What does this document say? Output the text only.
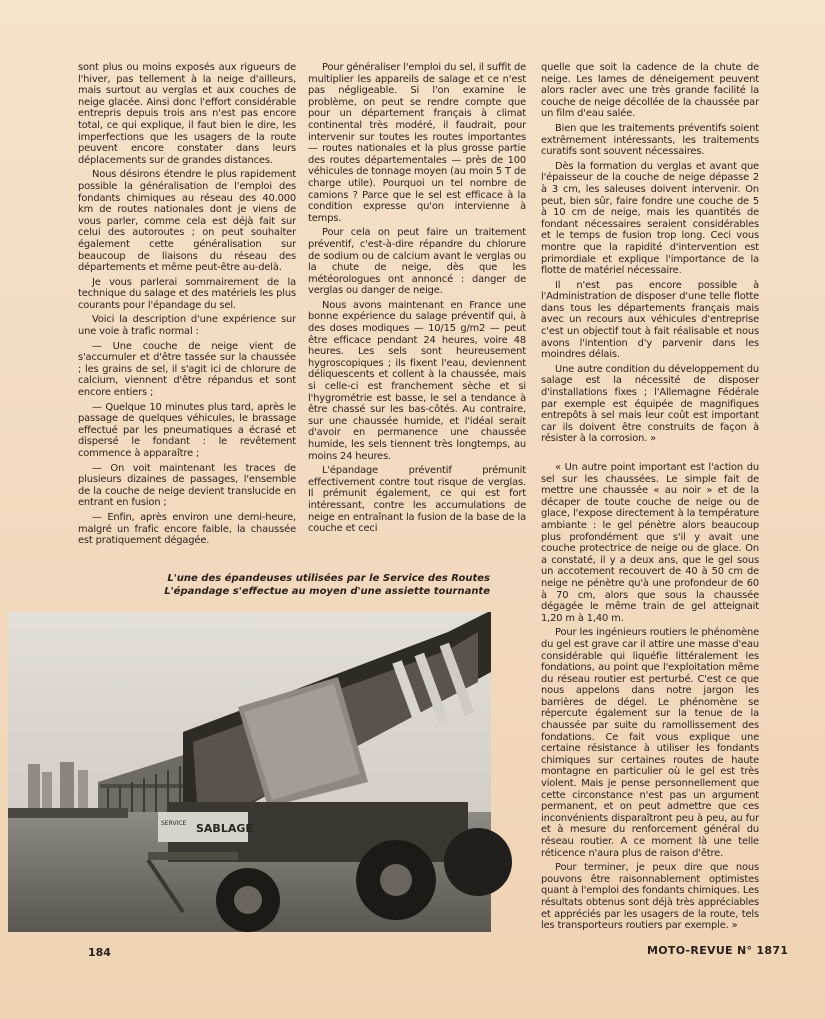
sont plus ou moins exposés aux rigueurs de l'hiver, pas tellement à la neige d'ailleurs, mais surtout au verglas et aux couches de neige glacée. Ainsi donc l'effort considérable entrepris depuis trois ans n'est pas encore total, ce qui explique, il faut bien le dire, les imperfections que les usagers de la route peuvent encore constater dans leurs déplacements sur de grandes distances.

Nous désirons étendre le plus rapidement possible la généralisation de l'emploi des fondants chimiques au réseau des 40.000 km de routes nationales dont je viens de vous parler, comme cela est déjà fait sur celui des autoroutes ; on peut souhaiter également cette généralisation sur beaucoup de liaisons du réseau des départements et même peut-être au-delà.

Je vous parlerai sommairement de la technique du salage et des matériels les plus courants pour l'épandage du sel.

Voici la description d'une expérience sur une voie à trafic normal :

— Une couche de neige vient de s'accumuler et d'être tassée sur la chaussée ; les grains de sel, il s'agit ici de chlorure de calcium, viennent d'être répandus et sont encore entiers ;

— Quelque 10 minutes plus tard, après le passage de quelques véhicules, le brassage effectué par les pneumatiques a écrasé et dispersé le fondant : le revêtement commence à apparaître ;

— On voit maintenant les traces de plusieurs dizaines de passages, l'ensemble de la couche de neige devient translucide en entrant en fusion ;

— Enfin, après environ une demi-heure, malgré un frafic encore faible, la chaussée est pratiquement dégagée.

Pour généraliser l'emploi du sel, il suffit de multiplier les appareils de salage et ce n'est pas négligeable. Si l'on examine le problème, on peut se rendre compte que pour un département français à climat continental très modéré, il faudrait, pour intervenir sur toutes les routes importantes — routes nationales et la plus grosse partie des routes départementales — près de 100 véhicules de tonnage moyen (au moin 5 T de charge utile). Pourquoi un tel nombre de camions ? Parce que le sel est efficace à la condition expresse qu'on intervienne à temps.

Pour cela on peut faire un traitement préventif, c'est-à-dire répandre du chlorure de sodium ou de calcium avant le verglas ou la chute de neige, dès que les météorologues ont annoncé : danger de verglas ou danger de neige.

Nous avons maintenant en France une bonne expérience du salage préventif qui, à des doses modiques — 10/15 g/m2 — peut être efficace pendant 24 heures, voire 48 heures. Les sels sont heureusement hygroscopiques ; ils fixent l'eau, deviennent déliquescents et collent à la chaussée, mais si celle-ci est franchement sèche et si l'hygrométrie est basse, le sel a tendance à être chassé sur les bas-côtés. Au contraire, sur une chaussée humide, et l'idéal serait d'avoir en permanence une chaussée humide, les sels tiennent très longtemps, au moins 24 heures.

L'épandage préventif prémunit effectivement contre tout risque de verglas. Il prémunit également, ce qui est fort intéressant, contre les accumulations de neige en entraînant la fusion de la base de la couche et ceci

quelle que soit la cadence de la chute de neige. Les lames de déneigement peuvent alors racler avec une très grande facilité la couche de neige décollée de la chaussée par un film d'eau salée.

Bien que les traitements préventifs soient extrêmement intéressants, les traitements curatifs sont souvent nécessaires.

Dès la formation du verglas et avant que l'épaisseur de la couche de neige dépasse 2 à 3 cm, les saleuses doivent intervenir. On peut, bien sûr, faire fondre une couche de 5 à 10 cm de neige, mais les quantités de fondant nécessaires seraient considérables et le temps de fusion trop long. Ceci vous montre que la rapidité d'intervention est primordiale et explique l'importance de la flotte de matériel nécessaire.

Il n'est pas encore possible à l'Administration de disposer d'une telle flotte dans tous les départements français mais avec un recours aux véhicules d'entreprise c'est un objectif tout à fait réalisable et nous avons l'intention d'y parvenir dans les moindres délais.

Une autre condition du développement du salage est la nécessité de disposer d'installations fixes ; l'Allemagne Fédérale par exemple est équipée de magnifiques entrepôts à sel mais leur coût est important car ils doivent être construits de façon à résister à la corrosion. »

« Un autre point important est l'action du sel sur les chaussées. Le simple fait de mettre une chaussée « au noir » et de la décaper de toute couche de neige ou de glace, l'expose directement à la température ambiante : le gel pénètre alors beaucoup plus profondément que s'il y avait une couche protectrice de neige ou de glace. On a constaté, il y a deux ans, que le gel sous un accotement recouvert de 40 à 50 cm de neige ne pénètre qu'à une profondeur de 60 à 70 cm, alors que sous la chaussée dégagée le même train de gel atteignait 1,20 m à 1,40 m.

Pour les ingénieurs routiers le phénomène du gel est grave car il attire une masse d'eau considérable qui liquéfie littéralement les fondations, au point que l'exploitation même du réseau routier est perturbé. C'est ce que nous appelons dans notre jargon les barrières de dégel. Le phénomène se répercute également sur la tenue de la chaussée par suite du ramollissement des fondations. Ce fait vous explique une certaine résistance à utiliser les fondants chimiques sur certaines routes de haute montagne en particulier où le gel est très violent. Mais je pense personnellement que cette circonstance n'est pas un argument permanent, et on peut admettre que ces inconvénients disparaîtront peu à peu, au fur et à mesure du renforcement général du réseau routier. A ce moment là une telle réticence n'aura plus de raison d'être.

Pour terminer, je peux dire que nous pouvons être raisonnablement optimistes quant à l'emploi des fondants chimiques. Les résultats obtenus sont déjà très appréciables et appréciés par les usagers de la route, tels les transporteurs routiers par exemple. »

L'une des épandeuses utilisées par le Service des Routes
L'épandage s'effectue au moyen d'une assiette tournante
SABLAGE
SERVICE
184	MOTO-REVUE N° 1871
